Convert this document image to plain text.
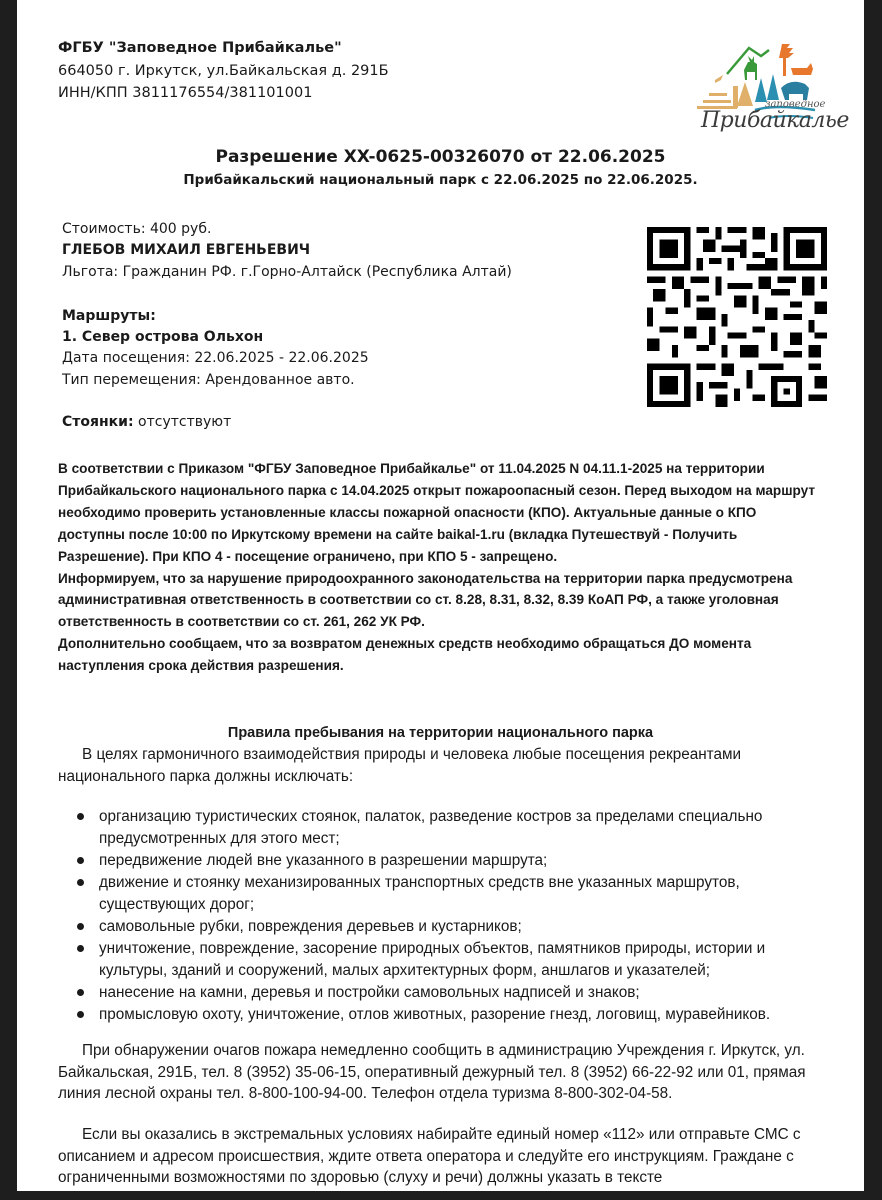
ФГБУ "Заповедное Прибайкалье"
664050 г. Иркутск, ул.Байкальская д. 291Б
ИНН/КПП 3811176554/381101001
заповедное
Прибайкалье
Разрешение XX-0625-00326070 от 22.06.2025
Прибайкальский национальный парк с 22.06.2025 по 22.06.2025.
Стоимость: 400 руб.
ГЛЕБОВ МИХАИЛ ЕВГЕНЬЕВИЧ
Льгота: Гражданин РФ. г.Горно-Алтайск (Республика Алтай)
Маршруты:
1. Север острова Ольхон
Дата посещения: 22.06.2025 - 22.06.2025
Тип перемещения: Арендованное авто.
Стоянки: отсутствуют

В соответствии с Приказом "ФГБУ Заповедное Прибайкалье" от 11.04.2025 N 04.11.1-2025 на территории Прибайкальского национального парка с 14.04.2025 открыт пожароопасный сезон. Перед выходом на маршрут необходимо проверить установленные классы пожарной опасности (КПО). Актуальные данные о КПО доступны после 10:00 по Иркутскому времени на сайте baikal-1.ru (вкладка Путешествуй - Получить Разрешение). При КПО 4 - посещение ограничено, при КПО 5 - запрещено.

Информируем, что за нарушение природоохранного законодательства на территории парка предусмотрена административная ответственность в соответствии со ст. 8.28, 8.31, 8.32, 8.39 КоАП РФ, а также уголовная ответственность в соответствии со ст. 261, 262 УК РФ.

Дополнительно сообщаем, что за возвратом денежных средств необходимо обращаться ДО момента наступления срока действия разрешения.

Правила пребывания на территории национального парка

В целях гармоничного взаимодействия природы и человека любые посещения рекреантами национального парка должны исключать:

организацию туристических стоянок, палаток, разведение костров за пределами специально предусмотренных для этого мест;
передвижение людей вне указанного в разрешении маршрута;
движение и стоянку механизированных транспортных средств вне указанных маршрутов, существующих дорог;
самовольные рубки, повреждения деревьев и кустарников;
уничтожение, повреждение, засорение природных объектов, памятников природы, истории и культуры, зданий и сооружений, малых архитектурных форм, аншлагов и указателей;
нанесение на камни, деревья и постройки самовольных надписей и знаков;
промысловую охоту, уничтожение, отлов животных, разорение гнезд, логовищ, муравейников.

При обнаружении очагов пожара немедленно сообщить в администрацию Учреждения г. Иркутск, ул. Байкальская, 291Б, тел. 8 (3952) 35-06-15, оперативный дежурный тел. 8 (3952) 66-22-92 или 01, прямая линия лесной охраны тел. 8-800-100-94-00. Телефон отдела туризма 8-800-302-04-58.

Если вы оказались в экстремальных условиях набирайте единый номер «112» или отправьте СМС с описанием и адресом происшествия, ждите ответа оператора и следуйте его инструкциям. Граждане с ограниченными возможностями по здоровью (слуху и речи) должны указать в тексте
